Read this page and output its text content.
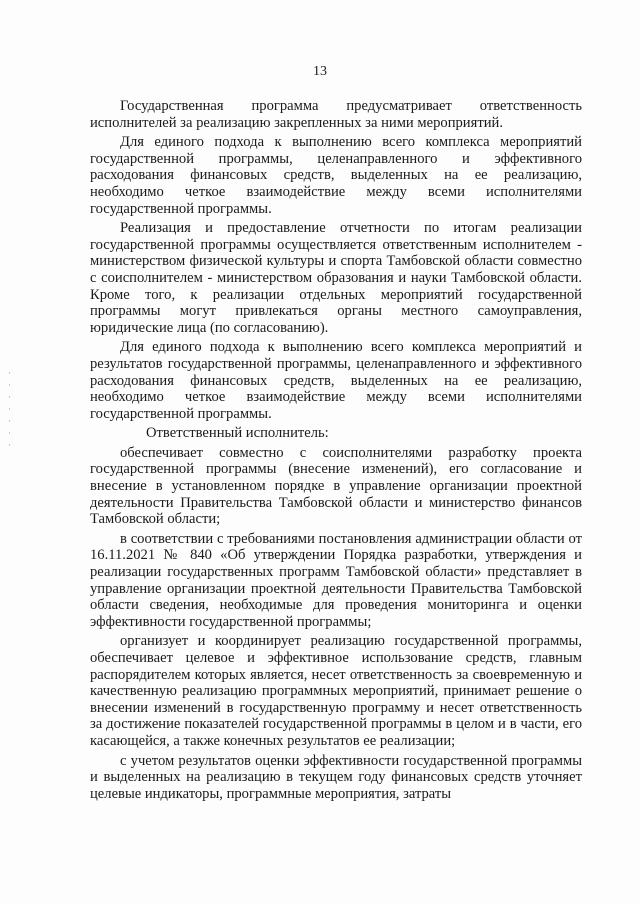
13

Государственная программа предусматривает ответственность исполнителей за реализацию закрепленных за ними мероприятий.

Для единого подхода к выполнению всего комплекса мероприятий государственной программы, целенаправленного и эффективного расходования финансовых средств, выделенных на ее реализацию, необходимо четкое взаимодействие между всеми исполнителями государственной программы.

Реализация и предоставление отчетности по итогам реализации государственной программы осуществляется ответственным исполнителем - министерством физической культуры и спорта Тамбовской области совместно с соисполнителем - министерством образования и науки Тамбовской области. Кроме того, к реализации отдельных мероприятий государственной программы могут привлекаться органы местного самоуправления, юридические лица (по согласованию).

Для единого подхода к выполнению всего комплекса мероприятий и результатов государственной программы, целенаправленного и эффективного расходования финансовых средств, выделенных на ее реализацию, необходимо четкое взаимодействие между всеми исполнителями государственной программы.

Ответственный исполнитель:

обеспечивает совместно с соисполнителями разработку проекта государственной программы (внесение изменений), его согласование и внесение в установленном порядке в управление организации проектной деятельности Правительства Тамбовской области и министерство финансов Тамбовской области;

в соответствии с требованиями постановления администрации области от 16.11.2021 № 840 «Об утверждении Порядка разработки, утверждения и реализации государственных программ Тамбовской области» представляет в управление организации проектной деятельности Правительства Тамбовской области сведения, необходимые для проведения мониторинга и оценки эффективности государственной программы;

организует и координирует реализацию государственной программы, обеспечивает целевое и эффективное использование средств, главным распорядителем которых является, несет ответственность за своевременную и качественную реализацию программных мероприятий, принимает решение о внесении изменений в государственную программу и несет ответственность за достижение показателей государственной программы в целом и в части, его касающейся, а также конечных результатов ее реализации;

с учетом результатов оценки эффективности государственной программы и выделенных на реализацию в текущем году финансовых средств уточняет целевые индикаторы, программные мероприятия, затраты
